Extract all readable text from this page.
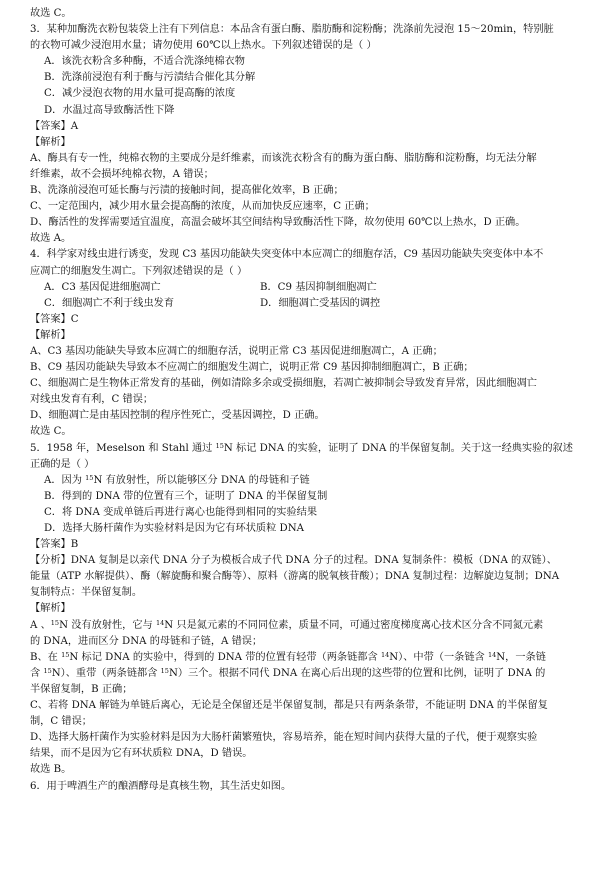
故选 C。
3．某种加酶洗衣粉包装袋上注有下列信息：本品含有蛋白酶、脂肪酶和淀粉酶；洗涤前先浸泡 15～20min，特别脏
的衣物可减少浸泡用水量；请勿使用 60℃以上热水。下列叙述错误的是（ ）
A．该洗衣粉含多种酶，不适合洗涤纯棉衣物
B．洗涤前浸泡有利于酶与污渍结合催化其分解
C．减少浸泡衣物的用水量可提高酶的浓度
D．水温过高导致酶活性下降
【答案】A
【解析】
A、酶具有专一性，纯棉衣物的主要成分是纤维素，而该洗衣粉含有的酶为蛋白酶、脂肪酶和淀粉酶，均无法分解
纤维素，故不会损坏纯棉衣物，A 错误；
B、洗涤前浸泡可延长酶与污渍的接触时间，提高催化效率，B 正确；
C、一定范围内，减少用水量会提高酶的浓度，从而加快反应速率，C 正确；
D、酶活性的发挥需要适宜温度，高温会破坏其空间结构导致酶活性下降，故勿使用 60℃以上热水，D 正确。
故选 A。
4．科学家对线虫进行诱变，发现 C3 基因功能缺失突变体中本应凋亡的细胞存活，C9 基因功能缺失突变体中本不
应凋亡的细胞发生凋亡。下列叙述错误的是（ ）
A．C3 基因促进细胞凋亡	B．C9 基因抑制细胞凋亡
C．细胞凋亡不利于线虫发育	D．细胞凋亡受基因的调控
【答案】C
【解析】
A、C3 基因功能缺失导致本应凋亡的细胞存活，说明正常 C3 基因促进细胞凋亡，A 正确；
B、C9 基因功能缺失导致本不应凋亡的细胞发生凋亡，说明正常 C9 基因抑制细胞凋亡，B 正确；
C、细胞凋亡是生物体正常发育的基础，例如清除多余或受损细胞，若凋亡被抑制会导致发育异常，因此细胞凋亡
对线虫发育有利，C 错误；
D、细胞凋亡是由基因控制的程序性死亡，受基因调控，D 正确。
故选 C。
5．1958 年，Meselson 和 Stahl 通过 $^{15}$N 标记 DNA 的实验，证明了 DNA 的半保留复制。关于这一经典实验的叙述
正确的是（ ）
A．因为 $^{15}$N 有放射性，所以能够区分 DNA 的母链和子链
B．得到的 DNA 带的位置有三个，证明了 DNA 的半保留复制
C．将 DNA 变成单链后再进行离心也能得到相同的实验结果
D．选择大肠杆菌作为实验材料是因为它有环状质粒 DNA
【答案】B
【分析】DNA 复制是以亲代 DNA 分子为模板合成子代 DNA 分子的过程。DNA 复制条件：模板（DNA 的双链）、
能量（ATP 水解提供）、酶（解旋酶和聚合酶等）、原料（游离的脱氧核苷酸）；DNA 复制过程：边解旋边复制；DNA
复制特点：半保留复制。
【解析】
A 、$^{15}$N 没有放射性，它与 $^{14}$N 只是氮元素的不同同位素，质量不同，可通过密度梯度离心技术区分含不同氮元素
的 DNA，进而区分 DNA 的母链和子链，A 错误；
B、在 $^{15}$N 标记 DNA 的实验中，得到的 DNA 带的位置有轻带（两条链都含 $^{14}$N）、中带（一条链含 $^{14}$N，一条链
含 $^{15}$N）、重带（两条链都含 $^{15}$N）三个。根据不同代 DNA 在离心后出现的这些带的位置和比例，证明了 DNA 的
半保留复制，B 正确；
C、若将 DNA 解链为单链后离心，无论是全保留还是半保留复制，都是只有两条条带，不能证明 DNA 的半保留复
制，C 错误；
D、选择大肠杆菌作为实验材料是因为大肠杆菌繁殖快，容易培养，能在短时间内获得大量的子代，便于观察实验
结果，而不是因为它有环状质粒 DNA，D 错误。
故选 B。
6．用于啤酒生产的酿酒酵母是真核生物，其生活史如图。
